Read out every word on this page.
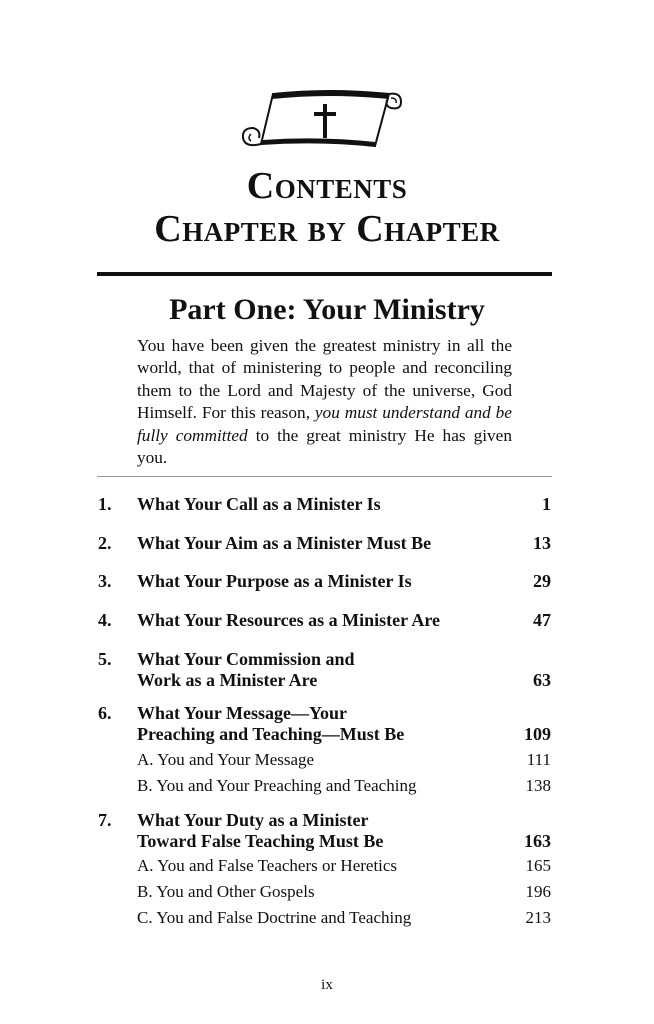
Contents
Chapter by Chapter
Part One: Your Ministry

You have been given the greatest ministry in all the world, that of ministering to people and reconciling them to the Lord and Majesty of the universe, God Himself. For this reason, you must understand and be fully committed to the great ministry He has given you.

1. What Your Call as a Minister Is	1
2. What Your Aim as a Minister Must Be	13
3. What Your Purpose as a Minister Is	29
4. What Your Resources as a Minister Are	47
5. What Your Commission and
Work as a Minister Are	63
6. What Your Message—Your
Preaching and Teaching—Must Be	109
A. You and Your Message	111
B. You and Your Preaching and Teaching	138
7. What Your Duty as a Minister
Toward False Teaching Must Be	163
A. You and False Teachers or Heretics	165
B. You and Other Gospels	196
C. You and False Doctrine and Teaching	213
ix
